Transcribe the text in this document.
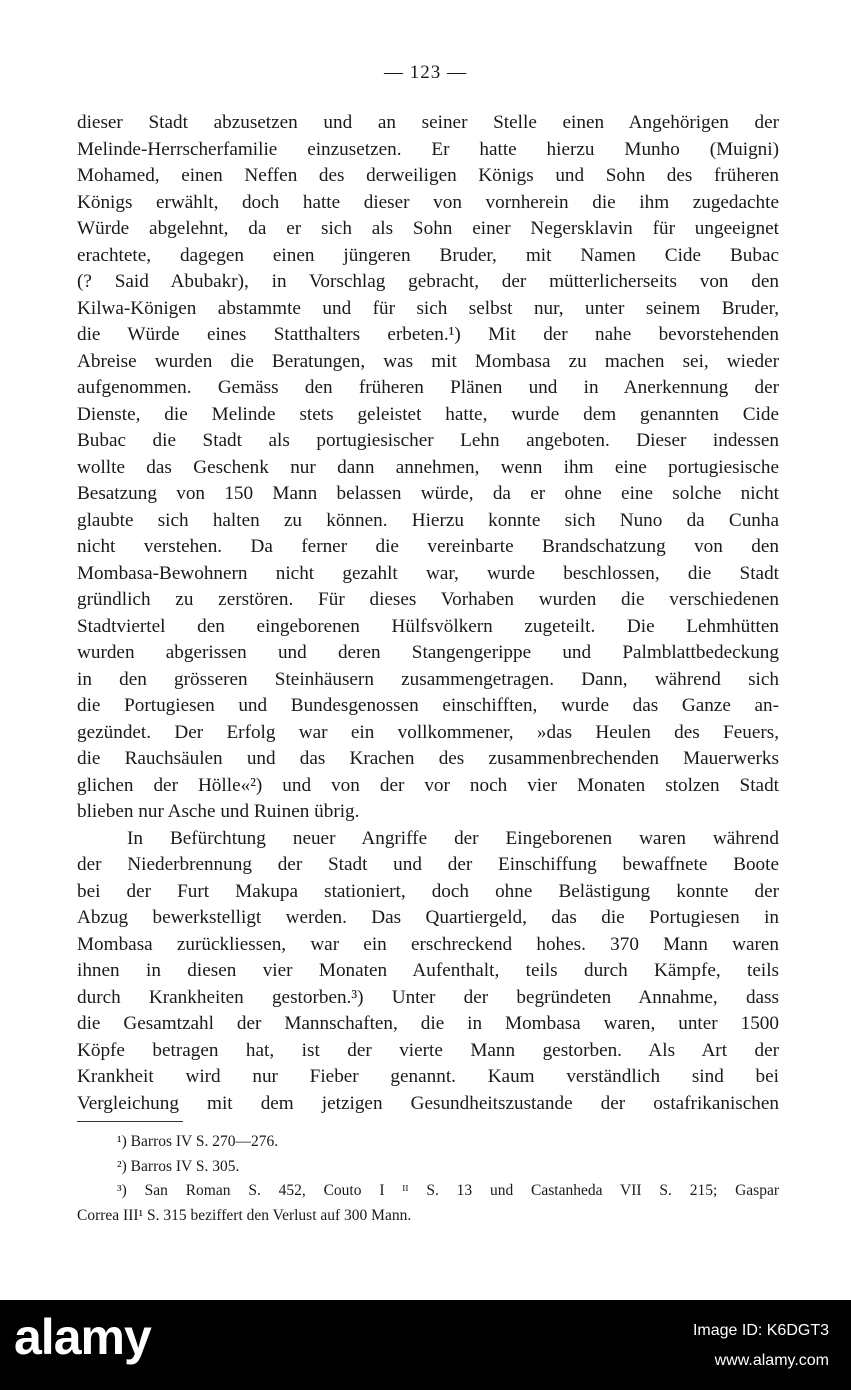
— 123 —
dieser Stadt abzusetzen und an seiner Stelle einen Angehörigen der
Melinde-Herrscherfamilie einzusetzen. Er hatte hierzu Munho (Muigni)
Mohamed, einen Neffen des derweiligen Königs und Sohn des früheren
Königs erwählt, doch hatte dieser von vornherein die ihm zugedachte
Würde abgelehnt, da er sich als Sohn einer Negersklavin für ungeeignet
erachtete, dagegen einen jüngeren Bruder, mit Namen Cide Bubac
(? Said Abubakr), in Vorschlag gebracht, der mütterlicherseits von den
Kilwa-Königen abstammte und für sich selbst nur, unter seinem Bruder,
die Würde eines Statthalters erbeten.¹) Mit der nahe bevorstehenden
Abreise wurden die Beratungen, was mit Mombasa zu machen sei, wieder
aufgenommen. Gemäss den früheren Plänen und in Anerkennung der
Dienste, die Melinde stets geleistet hatte, wurde dem genannten Cide
Bubac die Stadt als portugiesischer Lehn angeboten. Dieser indessen
wollte das Geschenk nur dann annehmen, wenn ihm eine portugiesische
Besatzung von 150 Mann belassen würde, da er ohne eine solche nicht
glaubte sich halten zu können. Hierzu konnte sich Nuno da Cunha
nicht verstehen. Da ferner die vereinbarte Brandschatzung von den
Mombasa-Bewohnern nicht gezahlt war, wurde beschlossen, die Stadt
gründlich zu zerstören. Für dieses Vorhaben wurden die verschiedenen
Stadtviertel den eingeborenen Hülfsvölkern zugeteilt. Die Lehmhütten
wurden abgerissen und deren Stangengerippe und Palmblattbedeckung
in den grösseren Steinhäusern zusammengetragen. Dann, während sich
die Portugiesen und Bundesgenossen einschifften, wurde das Ganze an-
gezündet. Der Erfolg war ein vollkommener, »das Heulen des Feuers,
die Rauchsäulen und das Krachen des zusammenbrechenden Mauerwerks
glichen der Hölle«²) und von der vor noch vier Monaten stolzen Stadt
blieben nur Asche und Ruinen übrig.
In Befürchtung neuer Angriffe der Eingeborenen waren während
der Niederbrennung der Stadt und der Einschiffung bewaffnete Boote
bei der Furt Makupa stationiert, doch ohne Belästigung konnte der
Abzug bewerkstelligt werden. Das Quartiergeld, das die Portugiesen in
Mombasa zurückliessen, war ein erschreckend hohes. 370 Mann waren
ihnen in diesen vier Monaten Aufenthalt, teils durch Kämpfe, teils
durch Krankheiten gestorben.³) Unter der begründeten Annahme, dass
die Gesamtzahl der Mannschaften, die in Mombasa waren, unter 1500
Köpfe betragen hat, ist der vierte Mann gestorben. Als Art der
Krankheit wird nur Fieber genannt. Kaum verständlich sind bei
Vergleichung mit dem jetzigen Gesundheitszustande der ostafrikanischen
¹) Barros IV S. 270—276.
²) Barros IV S. 305.
³) San Roman S. 452, Couto I ᴵᴵ S. 13 und Castanheda VII S. 215; Gaspar
Correa III¹ S. 315 beziffert den Verlust auf 300 Mann.
alamy	Image ID: K6DGT3
www.alamy.com
